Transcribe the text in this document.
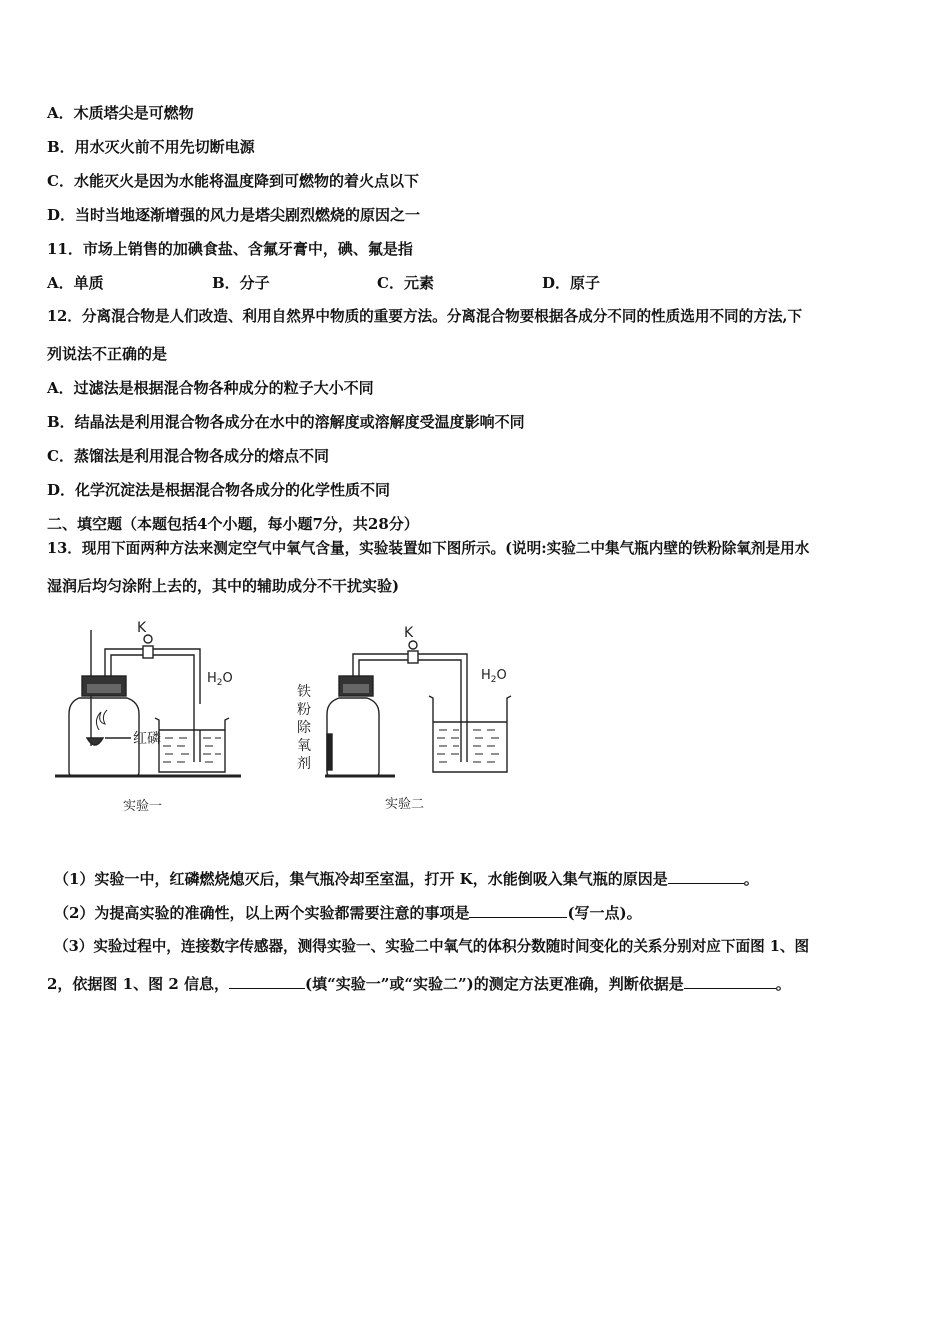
A．木质塔尖是可燃物
B．用水灭火前不用先切断电源
C．水能灭火是因为水能将温度降到可燃物的着火点以下
D．当时当地逐渐增强的风力是塔尖剧烈燃烧的原因之一
11．市场上销售的加碘食盐、含氟牙膏中，碘、氟是指
A．单质	B．分子	C．元素	D．原子
12．分离混合物是人们改造、利用自然界中物质的重要方法。分离混合物要根据各成分不同的性质选用不同的方法,下
列说法不正确的是
A．过滤法是根据混合物各种成分的粒子大小不同
B．结晶法是利用混合物各成分在水中的溶解度或溶解度受温度影响不同
C．蒸馏法是利用混合物各成分的熔点不同
D．化学沉淀法是根据混合物各成分的化学性质不同
二、填空题（本题包括4个小题，每小题7分，共28分）
13．现用下面两种方法来测定空气中氧气含量，实验装置如下图所示。(说明:实验二中集气瓶内壁的铁粉除氧剂是用水
湿润后均匀涂附上去的，其中的辅助成分不干扰实验)
K	K
$H_2O$	$H_2O$
红磷
铁
粉
除
氧
剂
实验一	实验二
（1）实验一中，红磷燃烧熄灭后，集气瓶冷却至室温，打开 K，水能倒吸入集气瓶的原因是	。
（2）为提高实验的准确性，以上两个实验都需要注意的事项是	(写一点)。
（3）实验过程中，连接数字传感器，测得实验一、实验二中氧气的体积分数随时间变化的关系分别对应下面图 1、图
2，依据图 1、图 2 信息，	(填“实验一”或“实验二”)的测定方法更准确，判断依据是	。
